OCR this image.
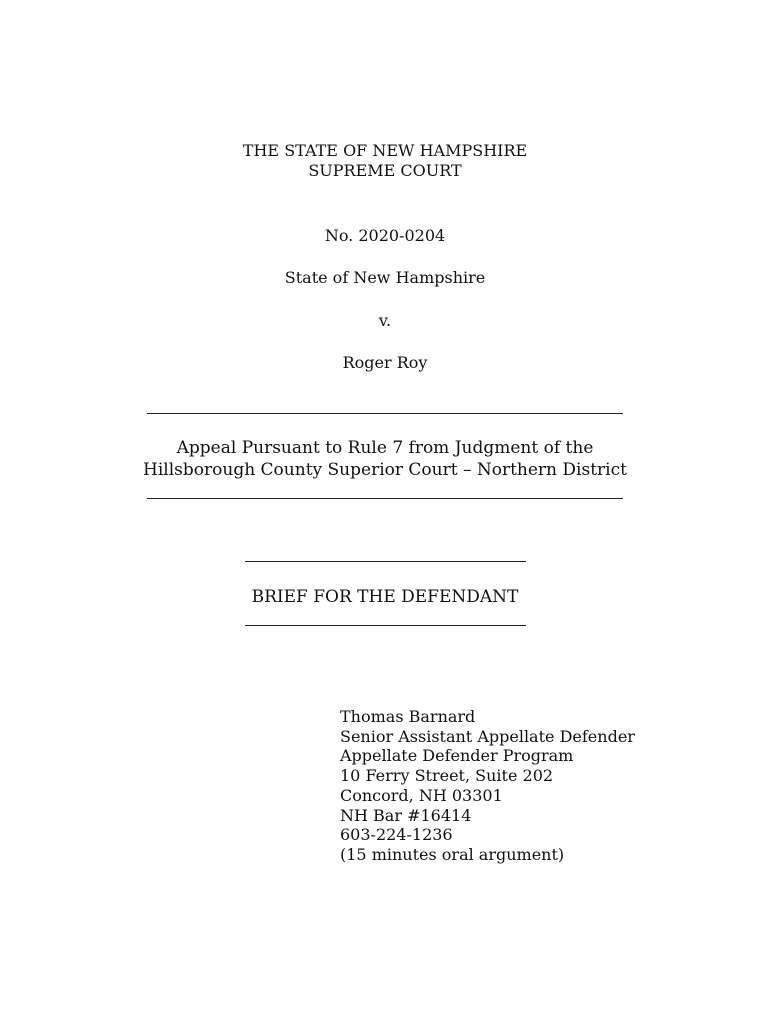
THE STATE OF NEW HAMPSHIRE
SUPREME COURT
No. 2020-0204
State of New Hampshire
v.
Roger Roy
Appeal Pursuant to Rule 7 from Judgment of the
Hillsborough County Superior Court – Northern District
BRIEF FOR THE DEFENDANT
Thomas Barnard
Senior Assistant Appellate Defender
Appellate Defender Program
10 Ferry Street, Suite 202
Concord, NH 03301
NH Bar #16414
603-224-1236
(15 minutes oral argument)
